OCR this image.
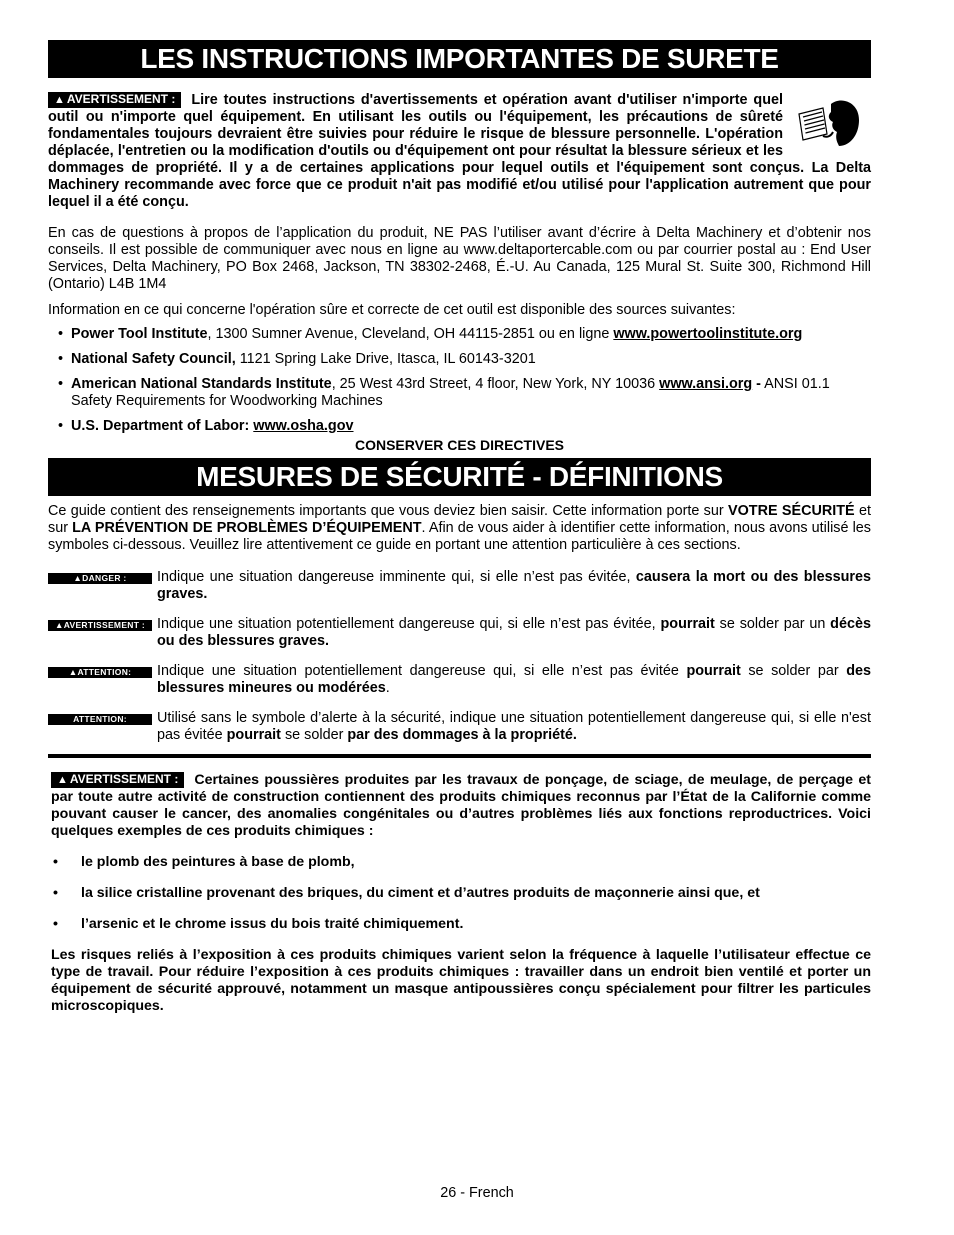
LES INSTRUCTIONS IMPORTANTES DE SURETE

▲ AVERTISSEMENT : Lire toutes instructions d'avertissements et opération avant d'utiliser n'importe quel outil ou n'importe quel équipement. En utilisant les outils ou l'équipement, les précautions de sûreté fondamentales toujours devraient être suivies pour réduire le risque de blessure personnelle. L'opération déplacée, l'entretien ou la modification d'outils ou d'équipement ont pour résultat la blessure sérieux et les dommages de propriété. Il y a de certaines applications pour lequel outils et l'équipement sont conçus. La Delta Machinery recommande avec force que ce produit n'ait pas modifié et/ou utilisé pour l'application autrement que pour lequel il a été conçu.

En cas de questions à propos de l’application du produit, NE PAS l’utiliser avant d’écrire à Delta Machinery et d’obtenir nos conseils. Il est possible de communiquer avec nous en ligne au www.deltaportercable.com ou par courrier postal au : End User Services, Delta Machinery, PO Box 2468, Jackson, TN 38302-2468, É.-U. Au Canada, 125 Mural St. Suite 300, Richmond Hill (Ontario) L4B 1M4

Information en ce qui concerne l'opération sûre et correcte de cet outil est disponible des sources suivantes:

• Power Tool Institute, 1300 Sumner Avenue, Cleveland, OH 44115-2851 ou en ligne www.powertoolinstitute.org
• National Safety Council, 1121 Spring Lake Drive, Itasca, IL 60143-3201
• American National Standards Institute, 25 West 43rd Street, 4 floor, New York, NY 10036 www.ansi.org - ANSI 01.1 Safety Requirements for Woodworking Machines
• U.S. Department of Labor: www.osha.gov
CONSERVER CES DIRECTIVES
MESURES DE SÉCURITÉ - DÉFINITIONS

Ce guide contient des renseignements importants que vous deviez bien saisir. Cette information porte sur VOTRE SÉCURITÉ et sur LA PRÉVENTION DE PROBLÈMES D’ÉQUIPEMENT. Afin de vous aider à identifier cette information, nous avons utilisé les symboles ci-dessous. Veuillez lire attentivement ce guide en portant une attention particulière à ces sections.

▲DANGER :	Indique une situation dangereuse imminente qui, si elle n’est pas évitée, causera la mort ou des blessures graves.
▲AVERTISSEMENT : Indique une situation potentiellement dangereuse qui, si elle n’est pas évitée, pourrait se solder par un décès ou des blessures graves.
▲ATTENTION:	Indique une situation potentiellement dangereuse qui, si elle n’est pas évitée pourrait se solder par des blessures mineures ou modérées.
ATTENTION:	Utilisé sans le symbole d’alerte à la sécurité, indique une situation potentiellement dangereuse qui, si elle n'est pas évitée pourrait se solder par des dommages à la propriété.

▲ AVERTISSEMENT : Certaines poussières produites par les travaux de ponçage, de sciage, de meulage, de perçage et par toute autre activité de construction contiennent des produits chimiques reconnus par l’État de la Californie comme pouvant causer le cancer, des anomalies congénitales ou d’autres problèmes liés aux fonctions reproductrices. Voici quelques exemples de ces produits chimiques :

• le plomb des peintures à base de plomb,
• la silice cristalline provenant des briques, du ciment et d’autres produits de maçonnerie ainsi que, et
• l’arsenic et le chrome issus du bois traité chimiquement.

Les risques reliés à l’exposition à ces produits chimiques varient selon la fréquence à laquelle l’utilisateur effectue ce type de travail. Pour réduire l’exposition à ces produits chimiques : travailler dans un endroit bien ventilé et porter un équipement de sécurité approuvé, notamment un masque antipoussières conçu spécialement pour filtrer les particules microscopiques.

26 - French
